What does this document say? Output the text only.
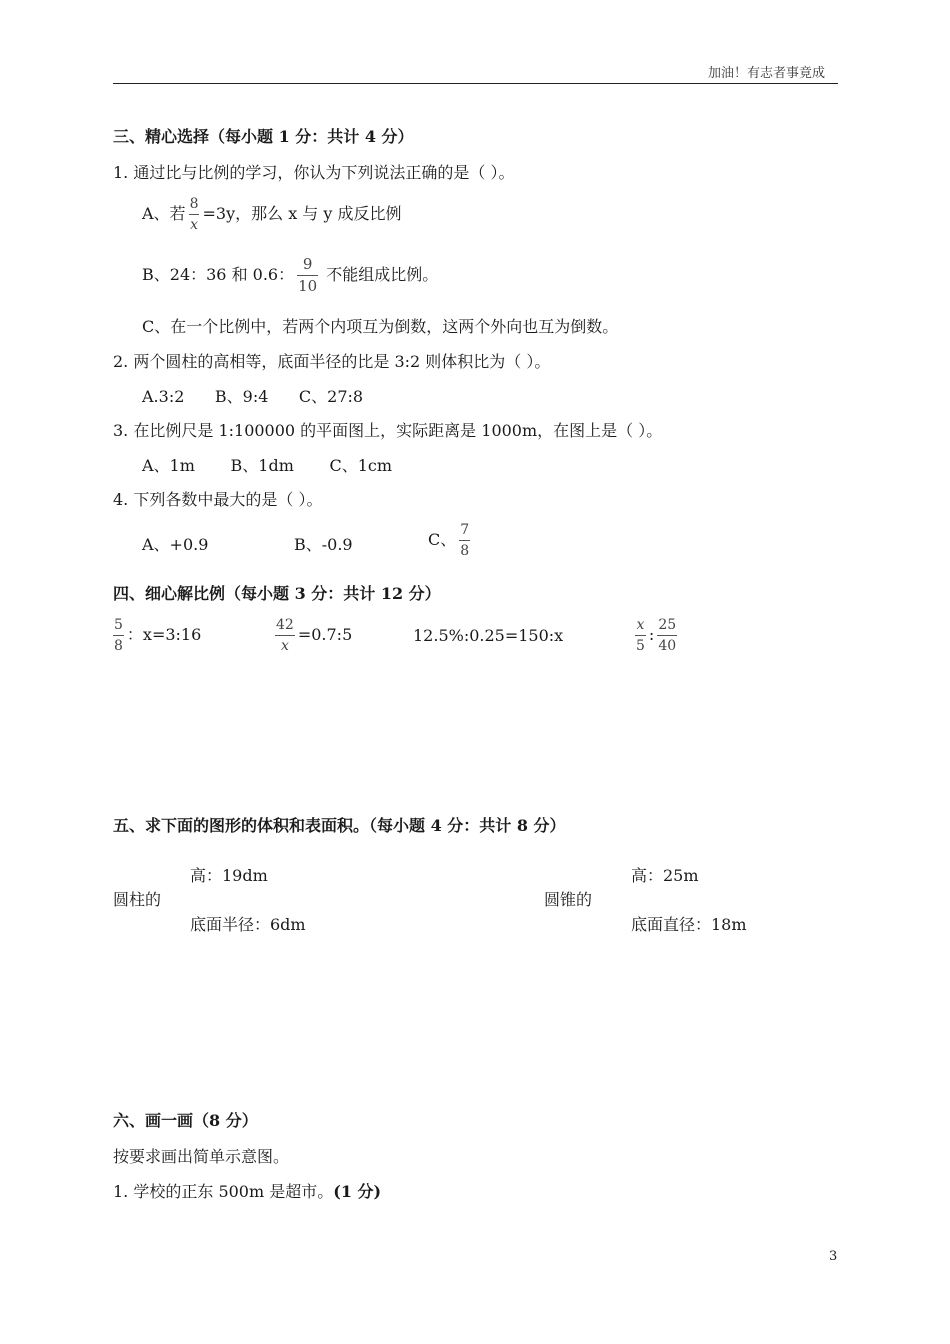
加油！有志者事竟成
三、精心选择（每小题 1 分：共计 4 分）
1. 通过比与比例的学习，你认为下列说法正确的是（ ）。
A、若 $\frac{8}{x} =3y$，那么 x 与 y 成反比例
B、24：36 和 0.6： $\frac{9}{10}$ 不能组成比例。
C、在一个比例中，若两个内项互为倒数，这两个外向也互为倒数。
2. 两个圆柱的高相等，底面半径的比是 3:2 则体积比为（ ）。
A.3:2      B、9:4      C、27:8
3. 在比例尺是 1:100000 的平面图上，实际距离是 1000m，在图上是（ ）。
A、1m       B、1dm       C、1cm
4. 下列各数中最大的是（ ）。
A、+0.9	B、-0.9	C、 $\frac{7}{8}$
四、细心解比例（每小题 3 分：共计 12 分）
$\frac{5}{8}$ ：x=3:16	$\frac{42}{x}$ =0.7:5	12.5%:0.25=150:x	$\frac{x}{5}$ : $\frac{25}{40}$
五、求下面的图形的体积和表面积。（每小题 4 分：共计 8 分）
高：19dm
圆柱的
底面半径：6dm
高：25m
圆锥的
底面直径：18m
六、画一画（8 分）
按要求画出简单示意图。
1. 学校的正东 500m 是超市。(1 分)
3
